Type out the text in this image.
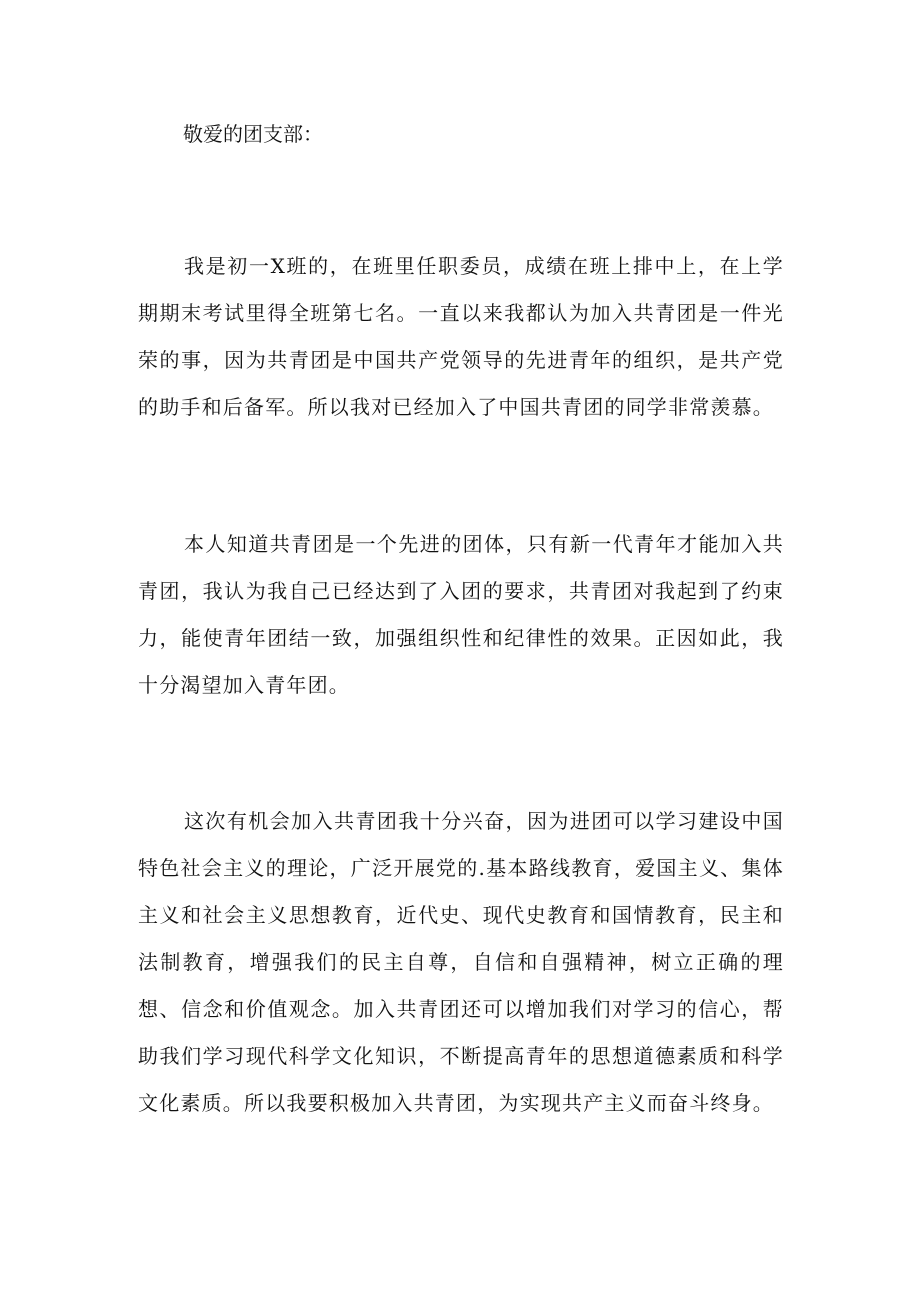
敬爱的团支部：

我是初一X班的，在班里任职委员，成绩在班上排中上，在上学期期末考试里得全班第七名。一直以来我都认为加入共青团是一件光荣的事，因为共青团是中国共产党领导的先进青年的组织，是共产党的助手和后备军。所以我对已经加入了中国共青团的同学非常羡慕。

本人知道共青团是一个先进的团体，只有新一代青年才能加入共青团，我认为我自己已经达到了入团的要求，共青团对我起到了约束力，能使青年团结一致，加强组织性和纪律性的效果。正因如此，我十分渴望加入青年团。

这次有机会加入共青团我十分兴奋，因为进团可以学习建设中国特色社会主义的理论，广泛开展党的.基本路线教育，爱国主义、集体主义和社会主义思想教育，近代史、现代史教育和国情教育，民主和法制教育，增强我们的民主自尊，自信和自强精神，树立正确的理想、信念和价值观念。加入共青团还可以增加我们对学习的信心，帮助我们学习现代科学文化知识，不断提高青年的思想道德素质和科学文化素质。所以我要积极加入共青团，为实现共产主义而奋斗终身。
